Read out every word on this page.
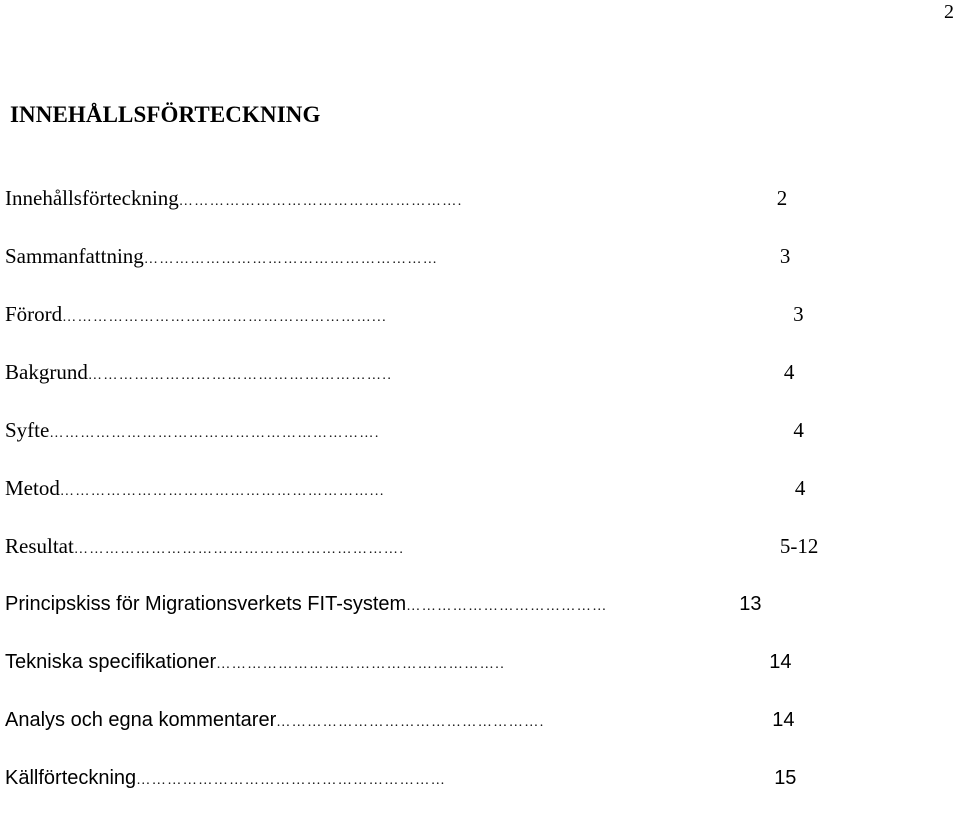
2
INNEHÅLLSFÖRTECKNING
Innehållsförteckning ……………………………………………….	2
Sammanfattning …………………………………………………	3
Förord ……………………………………………………...	3
Bakgrund …………………………………………………..	4
Syfte ……………………………………………………….	4
Metod ……………………………………………………...	4
Resultat ……………………………………………………….	5-12
Principskiss för Migrationsverkets FIT-system …………………………………	13
Tekniska specifikationer ………………………………………………..	14
Analys och egna kommentarer …………………………………………….	14
Källförteckning ……………………………………………………	15
